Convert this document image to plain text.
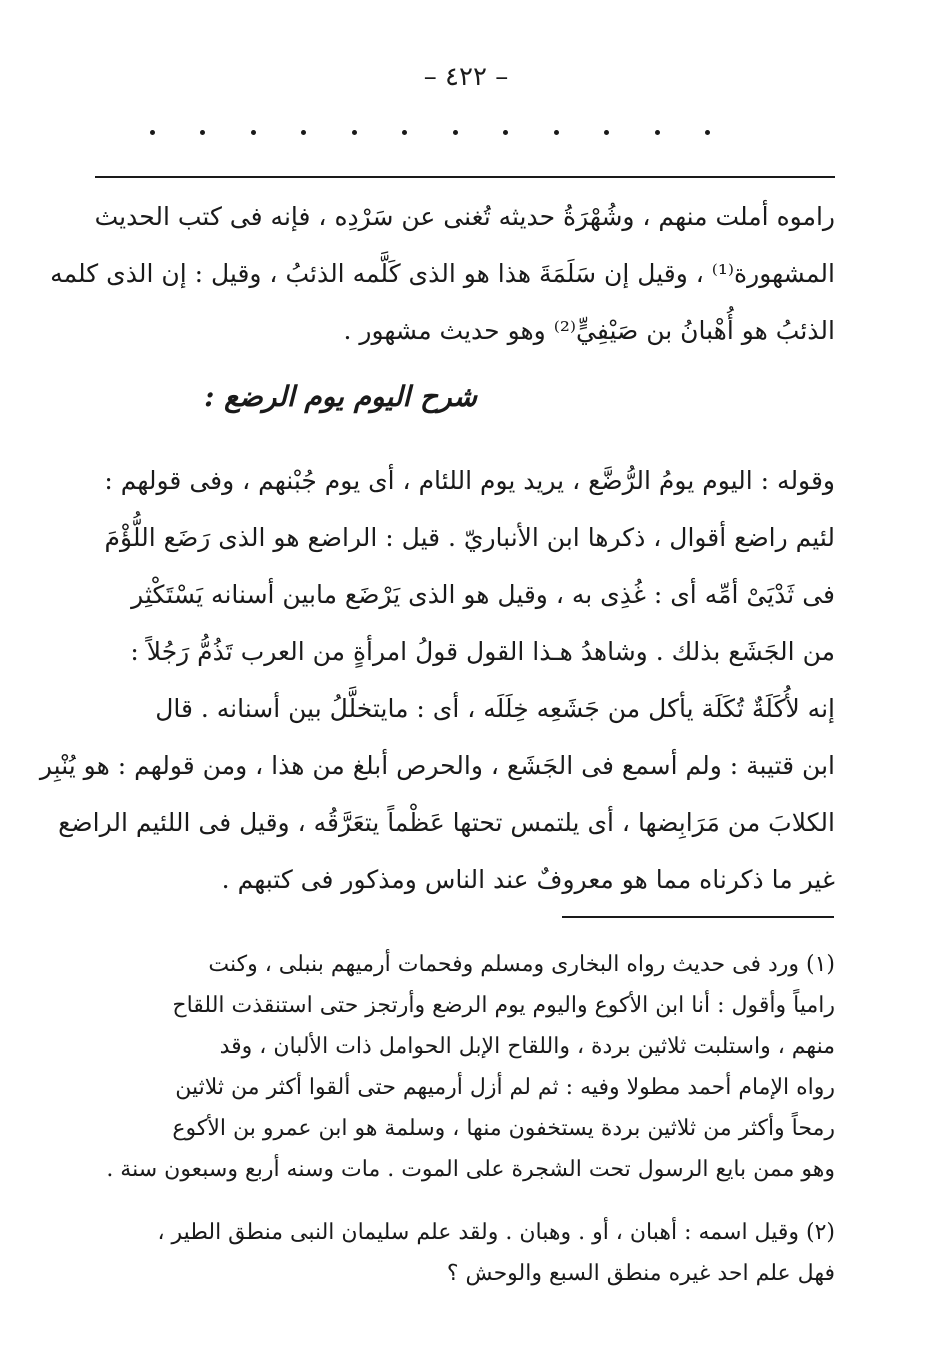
– ٤٢٢ –
راموه أملت منهم ، وشُهْرَةُ حديثه تُغنى عن سَرْدِه ، فإنه فى كتب الحديث
المشهورة⁽¹⁾ ، وقيل إن سَلَمَةَ هذا هو الذى كَلَّمه الذئبُ ، وقيل : إن الذى كلمه
الذئبُ هو أُهْبانُ بن صَيْفِيٍّ⁽²⁾ وهو حديث مشهور .
شرح اليوم يوم الرضع :
وقوله : اليوم يومُ الرُّضَّع ، يريد يوم اللئام ، أى يوم جُبْنهم ، وفى قولهم :
لئيم راضع أقوال ، ذكرها ابن الأنباريّ . قيل : الراضع هو الذى رَضَع اللُّؤْمَ
فى ثَدْيَىْ أمِّه أى : غُذِى به ، وقيل هو الذى يَرْضَع مابين أسنانه يَسْتَكْثِر
من الجَشَع بذلك . وشاهدُ هـذا القول قولُ امرأةٍ من العرب تَذُمُّ رَجُلاً :
إنه لأُكَلَةٌ تُكَلَة يأكل من جَشَعِه خِلَلَه ، أى : مايتخلَّلُ بين أسنانه . قال
ابن قتيبة : ولم أسمع فى الجَشَع ، والحرص أبلغ من هذا ، ومن قولهم : هو يُنْبِر
الكلابَ من مَرَابِضها ، أى يلتمس تحتها عَظْماً يتعَرَّقُه ، وقيل فى اللئيم الراضع
غير ما ذكرناه مما هو معروفٌ عند الناس ومذكور فى كتبهم .
(١) ورد فى حديث رواه البخارى ومسلم وفحمات أرميهم بنبلى ، وكنت
رامياً وأقول : أنا ابن الأكوع واليوم يوم الرضع وأرتجز حتى استنقذت اللقاح
منهم ، واستلبت ثلاثين بردة ، واللقاح الإبل الحوامل ذات الألبان ، وقد
رواه الإمام أحمد مطولا وفيه : ثم لم أزل أرميهم حتى ألقوا أكثر من ثلاثين
رمحاً وأكثر من ثلاثين بردة يستخفون منها ، وسلمة هو ابن عمرو بن الأكوع
وهو ممن بايع الرسول تحت الشجرة على الموت . مات وسنه أربع وسبعون سنة .
(٢) وقيل اسمه : أهبان ، أو . وهبان . ولقد علم سليمان النبى منطق الطير ،
فهل علم احد غيره منطق السبع والوحش ؟
